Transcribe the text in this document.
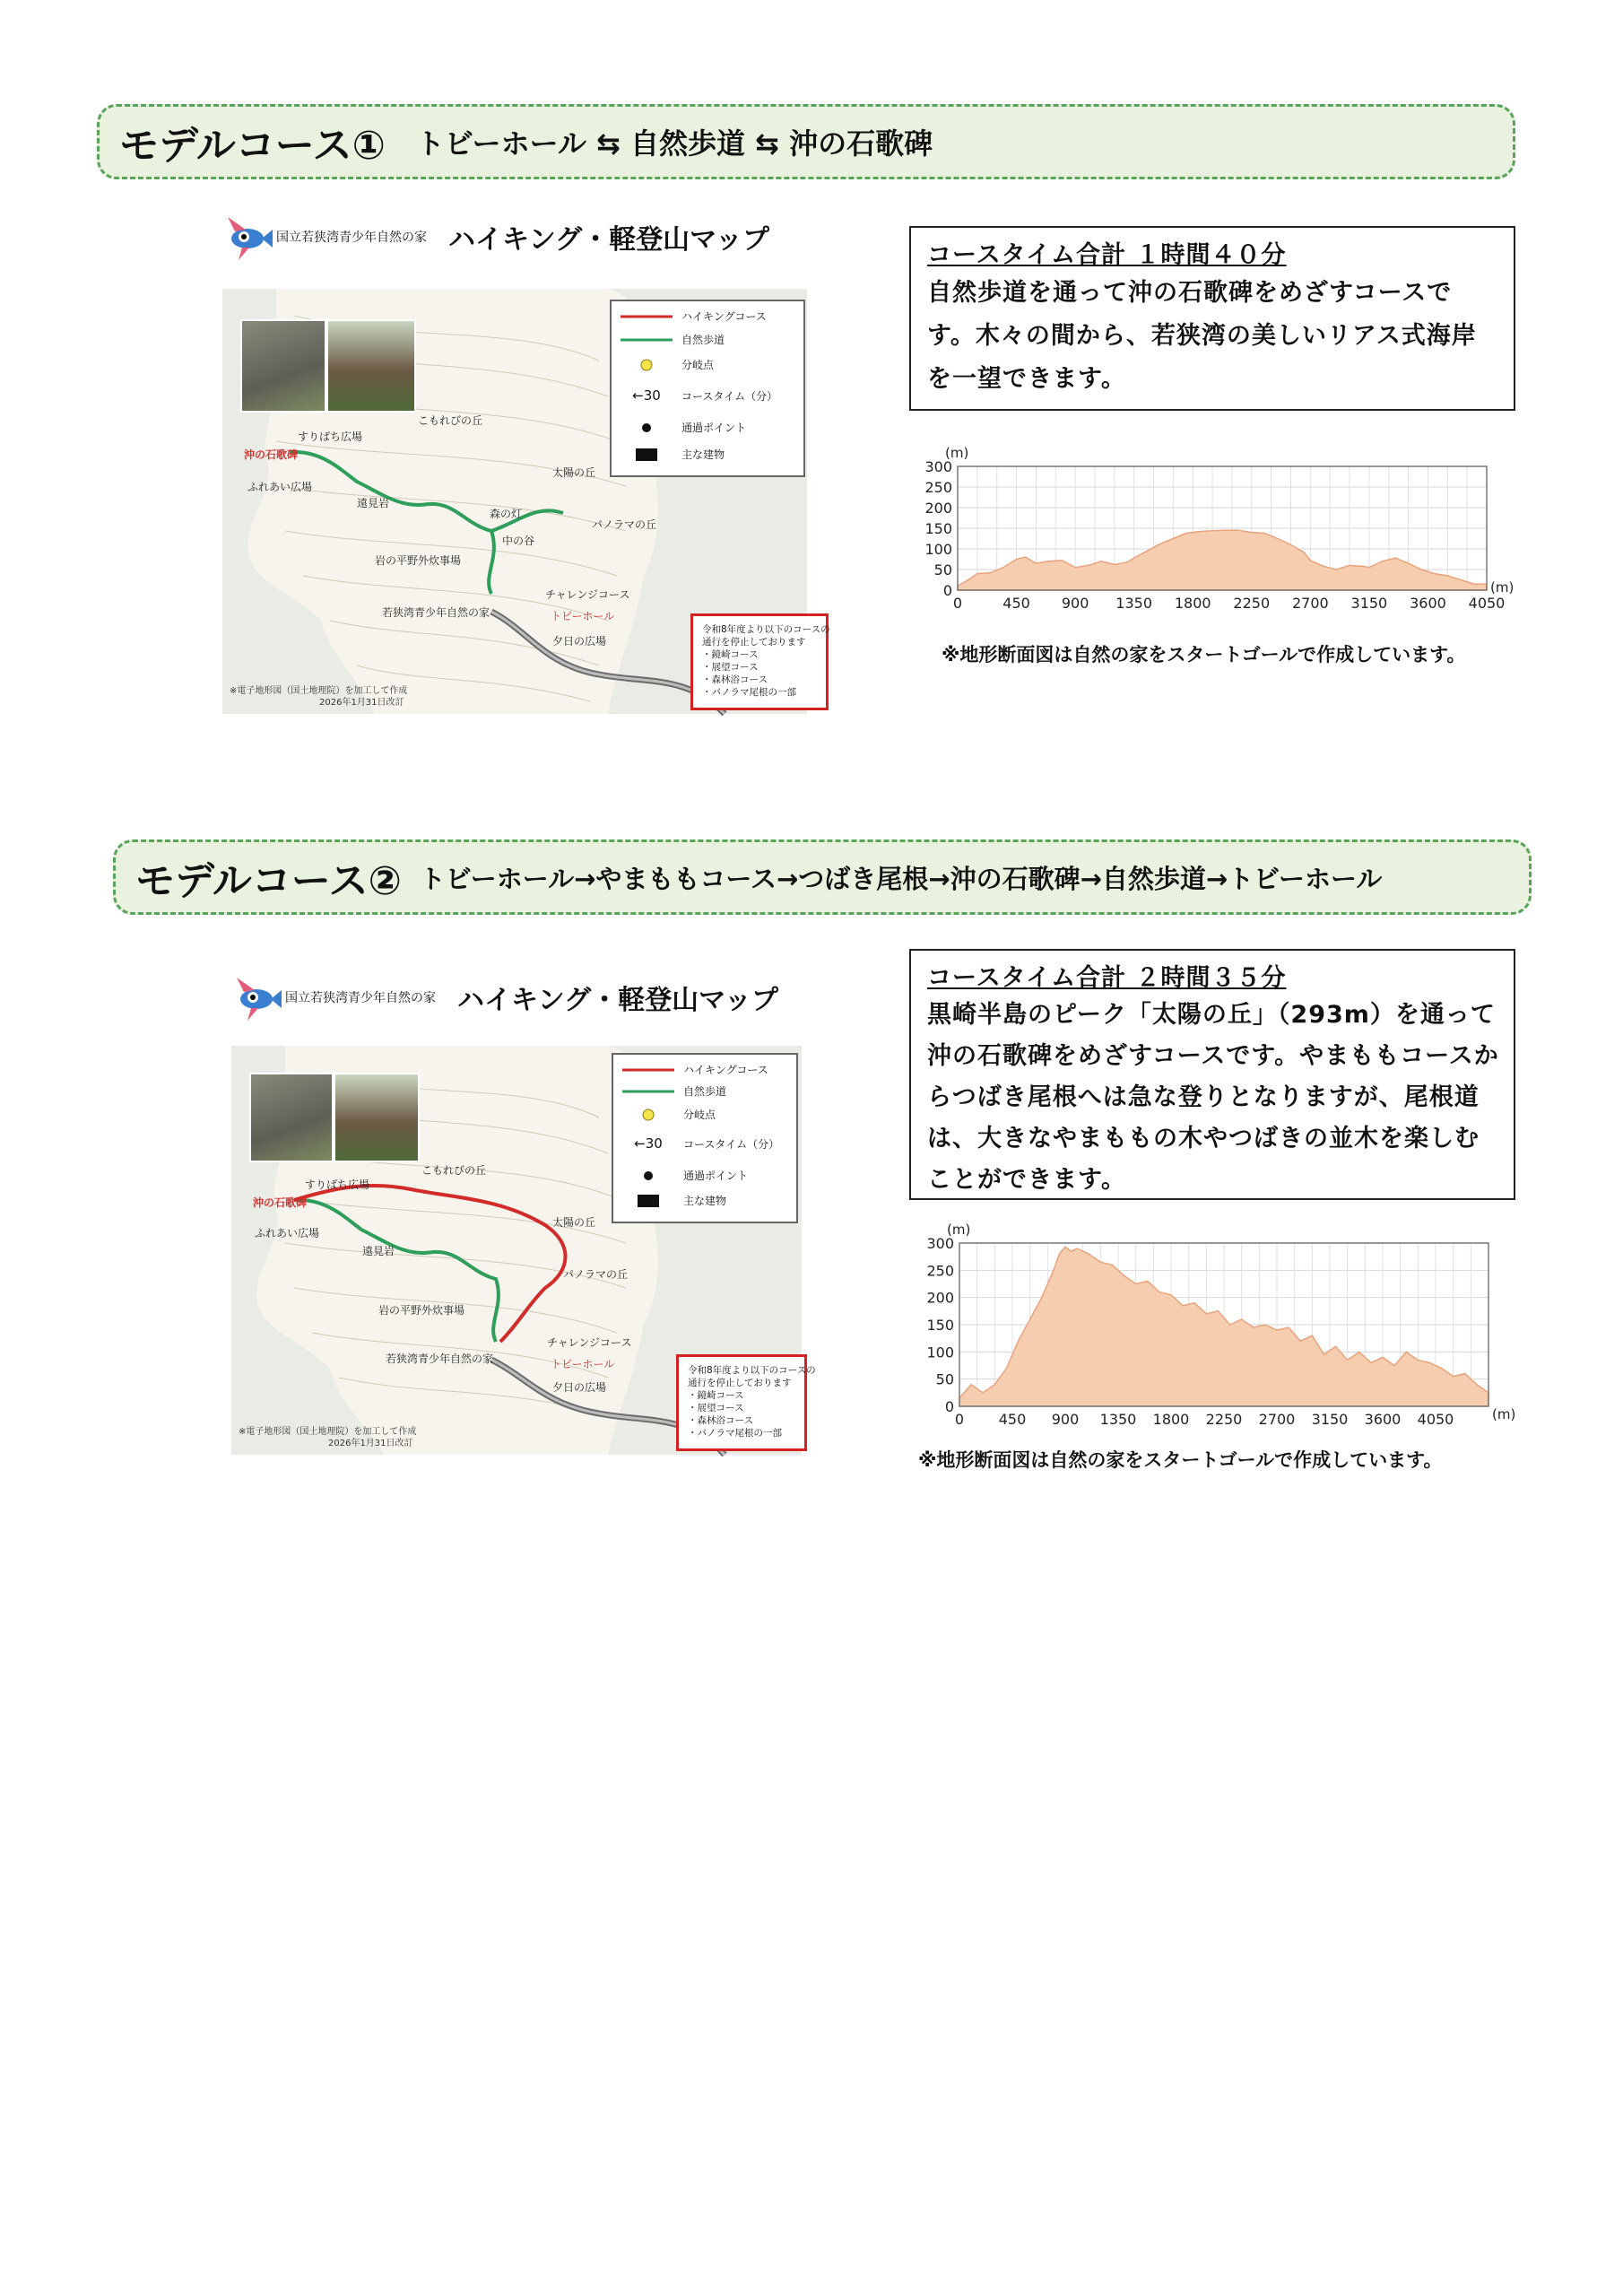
モデルコース① トビーホール ⇆ 自然歩道 ⇆ 沖の石歌碑
国立若狭湾青少年自然の家 ハイキング・軽登山マップ
沖の石歌碑
すりばち広場
ふれあい広場
遠見岩
こもれびの丘
太陽の丘
パノラマの丘
森の灯
中の谷
岩の平野外炊事場
チャレンジコース
トビーホール
若狭湾青少年自然の家
夕日の広場
ハイキングコース
自然歩道
分岐点
←30	コースタイム（分）
通過ポイント
主な建物
令和8年度より以下のコースの
通行を停止しております
・鏡崎コース
・展望コース
・森林浴コース
・パノラマ尾根の一部
※電子地形図（国土地理院）を加工して作成
2026年1月31日改訂
コースタイム合計 １時間４０分
自然歩道を通って沖の石歌碑をめざすコースです。木々の間から、若狭湾の美しいリアス式海岸を一望できます。
0
50
100
150
200
250
300
0	450 900 1350 1800 2250 2700 3150 3600 4050
(m)
(m)
※地形断面図は自然の家をスタートゴールで作成しています。
モデルコース② トビーホール→やまももコース→つばき尾根→沖の石歌碑→自然歩道→トビーホール
国立若狭湾青少年自然の家 ハイキング・軽登山マップ
沖の石歌碑
すりばち広場
ふれあい広場
遠見岩
こもれびの丘
太陽の丘
パノラマの丘
岩の平野外炊事場
チャレンジコース
トビーホール
若狭湾青少年自然の家
夕日の広場
ハイキングコース
自然歩道
分岐点
←30	コースタイム（分）
通過ポイント
主な建物
令和8年度より以下のコースの
通行を停止しております
・鏡崎コース
・展望コース
・森林浴コース
・パノラマ尾根の一部
※電子地形図（国土地理院）を加工して作成
2026年1月31日改訂
コースタイム合計 ２時間３５分
黒崎半島のピーク「太陽の丘」（293m）を通って沖の石歌碑をめざすコースです。やまももコースからつばき尾根へは急な登りとなりますが、尾根道は、大きなやまももの木やつばきの並木を楽しむことができます。
0
50
100
150
200
250
300
0 450 900 1350 1800 2250 2700 3150 3600 4050
(m)
(m)
※地形断面図は自然の家をスタートゴールで作成しています。
